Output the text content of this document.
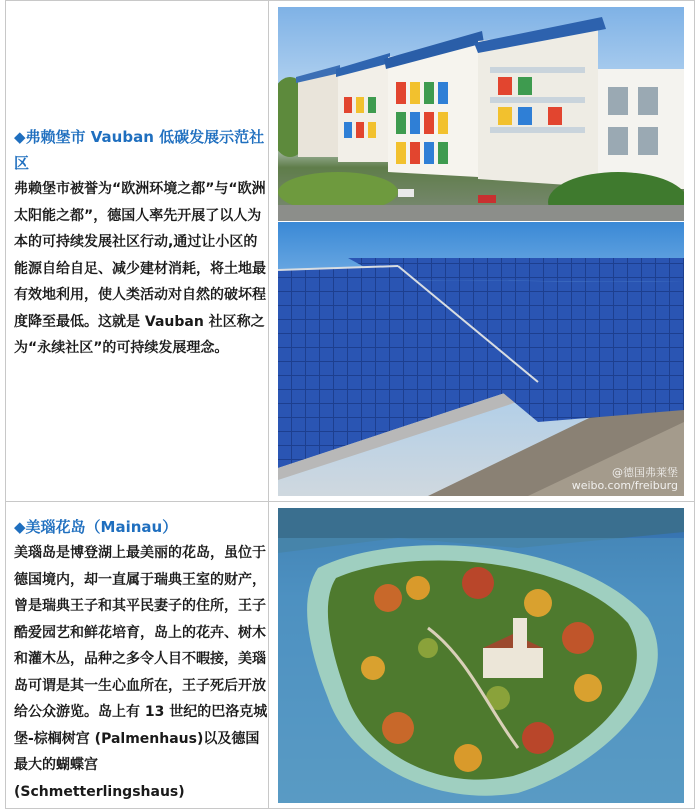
◆弗赖堡市 Vauban 低碳发展示范社区

弗赖堡市被誉为“欧洲环境之都”与“欧洲太阳能之都”，德国人率先开展了以人为本的可持续发展社区行动,通过让小区的能源自给自足、减少建材消耗，将土地最有效地利用，使人类活动对自然的破坏程度降至最低。这就是 Vauban 社区称之为“永续社区”的可持续发展理念。

◆美瑙花岛（Mainau）

美瑙岛是博登湖上最美丽的花岛，虽位于德国境内，却一直属于瑞典王室的财产，曾是瑞典王子和其平民妻子的住所，王子酷爱园艺和鲜花培育，岛上的花卉、树木和灌木丛，品种之多令人目不暇接，美瑙岛可谓是其一生心血所在，王子死后开放给公众游览。岛上有 13 世纪的巴洛克城堡-棕榈树宫 (Palmenhaus)以及德国最大的蝴蝶宫 (Schmetterlingshaus)

@德国弗莱堡
weibo.com/freiburg
